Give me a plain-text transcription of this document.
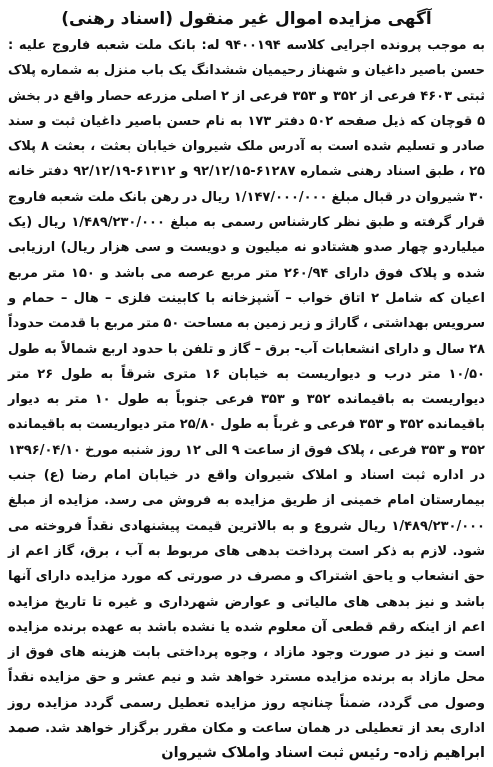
آگهی مزایده اموال غیر منقول (اسناد رهنی)

به موجب پرونده اجرایی کلاسه ۹۴۰۰۱۹۴ له: بانک ملت شعبه فاروج علیه : حسن باصیر داغیان و شهناز رحیمیان ششدانگ یک باب منزل به شماره پلاک ثبتی ۴۶۰۳ فرعی از ۳۵۲ و ۳۵۳ فرعی از ۲ اصلی مزرعه حصار واقع در بخش ۵ قوچان که ذیل صفحه ۵۰۲ دفتر ۱۷۳ به نام حسن باصیر داغیان ثبت و سند صادر و تسلیم شده است به آدرس ملک شیروان خیابان بعثت ، بعثت ۸ پلاک ۲۵ ، طبق اسناد رهنی شماره ۶۱۲۸۷-۹۲/۱۲/۱۵ و ۶۱۳۱۲-۹۲/۱۲/۱۹ دفتر خانه ۳۰ شیروان در قبال مبلغ ۱/۱۴۷/۰۰۰/۰۰۰ ریال در رهن بانک ملت شعبه فاروج قرار گرفته و طبق نظر کارشناس رسمی به مبلغ ۱/۴۸۹/۲۳۰/۰۰۰ ریال (یک میلیاردو چهار صدو هشتادو نه میلیون و دویست و سی هزار ریال) ارزیابی شده و پلاک فوق دارای ۲۶۰/۹۴ متر مربع عرصه می باشد و ۱۵۰ متر مربع اعیان که شامل ۲ اتاق خواب – آشپزخانه با کابینت فلزی – هال – حمام و سرویس بهداشتی ، گاراژ و زیر زمین به مساحت ۵۰ متر مربع با قدمت حدوداً ۲۸ سال و دارای انشعابات آب- برق – گاز و تلفن با حدود اربع شمالاً به طول ۱۰/۵۰ متر درب و دیواریست به خیابان ۱۶ متری شرقاً به طول ۲۶ متر دیواریست به باقیمانده ۳۵۲ و ۳۵۳ فرعی جنوباً به طول ۱۰ متر به دیوار باقیمانده ۳۵۲ و ۳۵۳ فرعی و غرباً به طول ۲۵/۸۰ متر دیواریست به باقیمانده ۳۵۲ و ۳۵۳ فرعی ، پلاک فوق از ساعت ۹ الی ۱۲ روز شنبه مورخ ۱۳۹۶/۰۴/۱۰ در اداره ثبت اسناد و املاک شیروان واقع در خیابان امام رضا (ع) جنب بیمارستان امام خمینی از طریق مزایده به فروش می رسد. مزایده از مبلغ ۱/۴۸۹/۲۳۰/۰۰۰ ریال شروع و به بالاترین قیمت پیشنهادی نقداً فروخته می شود. لازم به ذکر است پرداخت بدهی های مربوط به آب ، برق، گاز اعم از حق انشعاب و یاحق اشتراک و مصرف در صورتی که مورد مزایده دارای آنها باشد و نیز بدهی های مالیاتی و عوارض شهرداری و غیره تا تاریخ مزایده اعم از اینکه رقم قطعی آن معلوم شده یا نشده باشد به عهده برنده مزایده است و نیز در صورت وجود مازاد ، وجوه پرداختی بابت هزینه های فوق از محل مازاد به برنده مزایده مسترد خواهد شد و نیم عشر و حق مزایده نقداً وصول می گردد، ضمناً چنانچه روز مزایده تعطیل رسمی گردد مزایده روز اداری بعد از تعطیلی در همان ساعت و مکان مقرر برگزار خواهد شد. صمد ابراهیم زاده- رئیس ثبت اسناد واملاک شیروان
